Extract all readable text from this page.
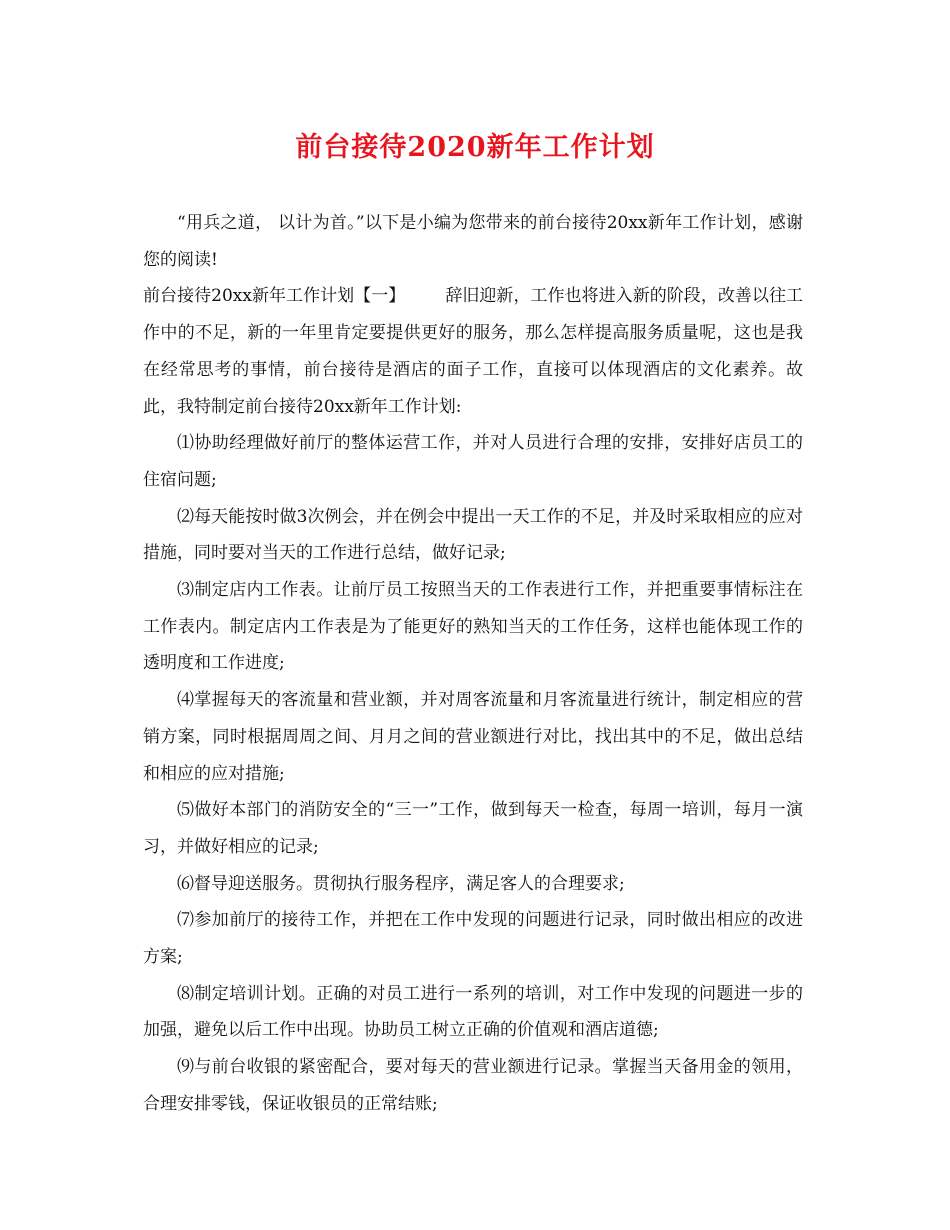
前台接待2020新年工作计划

“用兵之道， 以计为首。”以下是小编为您带来的前台接待20xx新年工作计划，感谢您的阅读!

前台接待20xx新年工作计划【一】 辞旧迎新，工作也将进入新的阶段，改善以往工作中的不足，新的一年里肯定要提供更好的服务，那么怎样提高服务质量呢，这也是我在经常思考的事情，前台接待是酒店的面子工作，直接可以体现酒店的文化素养。故此，我特制定前台接待20xx新年工作计划:

⑴协助经理做好前厅的整体运营工作，并对人员进行合理的安排，安排好店员工的住宿问题;

⑵每天能按时做3次例会，并在例会中提出一天工作的不足，并及时采取相应的应对措施，同时要对当天的工作进行总结，做好记录;

⑶制定店内工作表。让前厅员工按照当天的工作表进行工作，并把重要事情标注在工作表内。制定店内工作表是为了能更好的熟知当天的工作任务，这样也能体现工作的透明度和工作进度;

⑷掌握每天的客流量和营业额，并对周客流量和月客流量进行统计，制定相应的营销方案，同时根据周周之间、月月之间的营业额进行对比，找出其中的不足，做出总结和相应的应对措施;

⑸做好本部门的消防安全的“三一”工作，做到每天一检查，每周一培训，每月一演习，并做好相应的记录;

⑹督导迎送服务。贯彻执行服务程序，满足客人的合理要求;

⑺参加前厅的接待工作，并把在工作中发现的问题进行记录，同时做出相应的改进方案;

⑻制定培训计划。正确的对员工进行一系列的培训，对工作中发现的问题进一步的加强，避免以后工作中出现。协助员工树立正确的价值观和酒店道德;

⑼与前台收银的紧密配合，要对每天的营业额进行记录。掌握当天备用金的领用，合理安排零钱，保证收银员的正常结账;
